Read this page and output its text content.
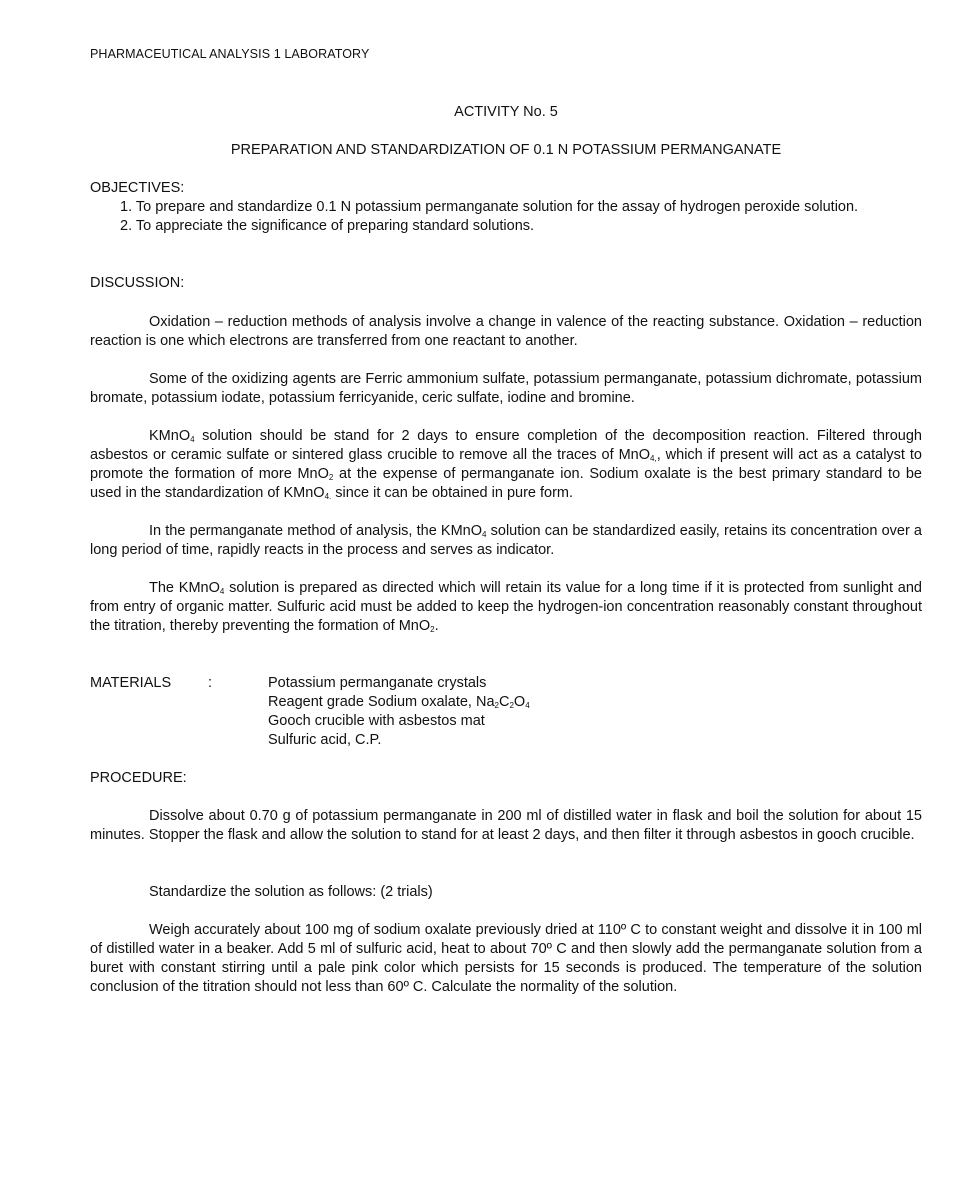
PHARMACEUTICAL ANALYSIS 1 LABORATORY
ACTIVITY No. 5
PREPARATION AND STANDARDIZATION OF 0.1 N POTASSIUM PERMANGANATE
OBJECTIVES:

1. To prepare and standardize 0.1 N potassium permanganate solution for the assay of hydrogen peroxide solution.

2. To appreciate the significance of preparing standard solutions.

DISCUSSION:

Oxidation – reduction methods of analysis involve a change in valence of the reacting substance. Oxidation – reduction reaction is one which electrons are transferred from one reactant to another.

Some of the oxidizing agents are Ferric ammonium sulfate, potassium permanganate, potassium dichromate, potassium bromate, potassium iodate, potassium ferricyanide, ceric sulfate, iodine and bromine.

KMnO$_4$ solution should be stand for 2 days to ensure completion of the decomposition reaction. Filtered through asbestos or ceramic sulfate or sintered glass crucible to remove all the traces of MnO$_{4,}$, which if present will act as a catalyst to promote the formation of more MnO$_2$ at the expense of permanganate ion. Sodium oxalate is the best primary standard to be used in the standardization of KMnO$_{4.}$ since it can be obtained in pure form.

In the permanganate method of analysis, the KMnO$_4$ solution can be standardized easily, retains its concentration over a long period of time, rapidly reacts in the process and serves as indicator.

The KMnO$_4$ solution is prepared as directed which will retain its value for a long time if it is protected from sunlight and from entry of organic matter. Sulfuric acid must be added to keep the hydrogen-ion concentration reasonably constant throughout the titration, thereby preventing the formation of MnO$_2$.

MATERIALS	:	Potassium permanganate crystals
Reagent grade Sodium oxalate, $Na_2C_2O_4$
Gooch crucible with asbestos mat
Sulfuric acid, C.P.
PROCEDURE:

Dissolve about 0.70 g of potassium permanganate in 200 ml of distilled water in flask and boil the solution for about 15 minutes. Stopper the flask and allow the solution to stand for at least 2 days, and then filter it through asbestos in gooch crucible.

Standardize the solution as follows: (2 trials)

Weigh accurately about 100 mg of sodium oxalate previously dried at 110º C to constant weight and dissolve it in 100 ml of distilled water in a beaker. Add 5 ml of sulfuric acid, heat to about 70º C and then slowly add the permanganate solution from a buret with constant stirring until a pale pink color which persists for 15 seconds is produced. The temperature of the solution conclusion of the titration should not less than 60º C. Calculate the normality of the solution.
